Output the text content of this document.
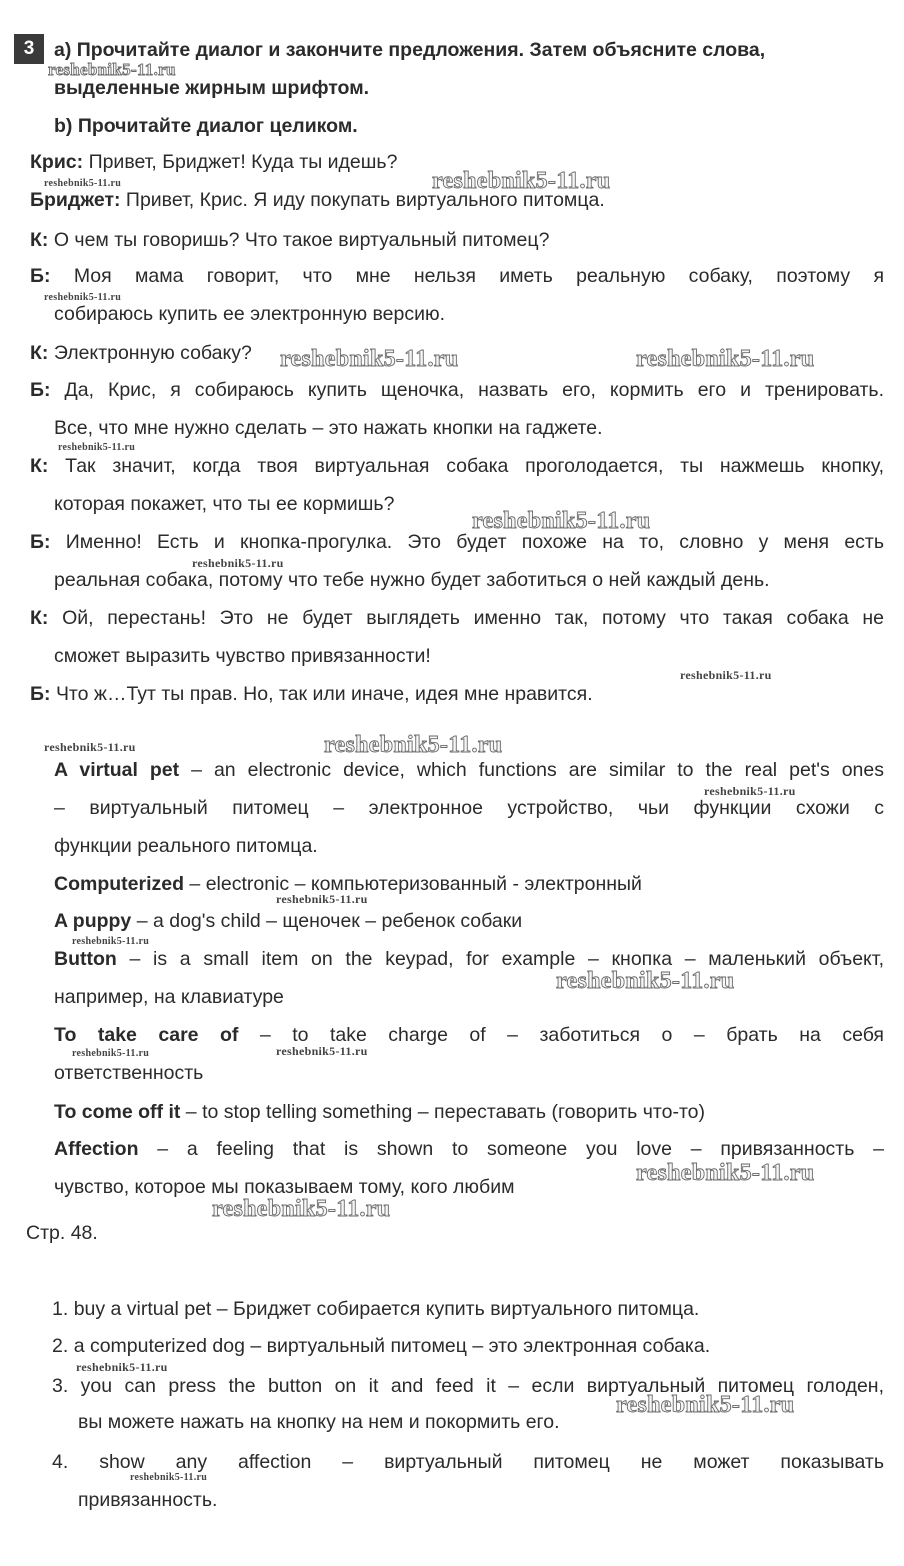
3	a) Прочитайте диалог и закончите предложения. Затем объясните слова,
выделенные жирным шрифтом.
b) Прочитайте диалог целиком.
Крис: Привет, Бриджет! Куда ты идешь?
Бриджет: Привет, Крис. Я иду покупать виртуального питомца.
К: О чем ты говоришь? Что такое виртуальный питомец?
Б: Моя мама говорит, что мне нельзя иметь реальную собаку, поэтому я
собираюсь купить ее электронную версию.
К: Электронную собаку?
Б: Да, Крис, я собираюсь купить щеночка, назвать его, кормить его и тренировать.
Все, что мне нужно сделать – это нажать кнопки на гаджете.
К: Так значит, когда твоя виртуальная собака проголодается, ты нажмешь кнопку,
которая покажет, что ты ее кормишь?
Б: Именно! Есть и кнопка-прогулка. Это будет похоже на то, словно у меня есть
реальная собака, потому что тебе нужно будет заботиться о ней каждый день.
К: Ой, перестань! Это не будет выглядеть именно так, потому что такая собака не
сможет выразить чувство привязанности!
Б: Что ж…Тут ты прав. Но, так или иначе, идея мне нравится.
A virtual pet – an electronic device, which functions are similar to the real pet's ones
– виртуальный питомец – электронное устройство, чьи функции схожи с
функции реального питомца.
Computerized – electronic – компьютеризованный - электронный
A puppy – a dog's child – щеночек – ребенок собаки
Button – is a small item on the keypad, for example – кнопка – маленький объект,
например, на клавиатуре
To take care of – to take charge of – заботиться о – брать на себя
ответственность
To come off it – to stop telling something – переставать (говорить что-то)
Affection – a feeling that is shown to someone you love – привязанность –
чувство, которое мы показываем тому, кого любим
Стр. 48.
1. buy a virtual pet – Бриджет собирается купить виртуального питомца.
2. a computerized dog – виртуальный питомец – это электронная собака.
3. you can press the button on it and feed it – если виртуальный питомец голоден,
вы можете нажать на кнопку на нем и покормить его.
4. show any affection – виртуальный питомец не может показывать
привязанность.
reshebnik5-11.ru
reshebnik5-11.ru	reshebnik5-11.ru
reshebnik5-11.ru
reshebnik5-11.ru	reshebnik5-11.ru
reshebnik5-11.ru
reshebnik5-11.ru
reshebnik5-11.ru
reshebnik5-11.ru
reshebnik5-11.ru	reshebnik5-11.ru
reshebnik5-11.ru
reshebnik5-11.ru
reshebnik5-11.ru
reshebnik5-11.ru
reshebnik5-11.ru	reshebnik5-11.ru
reshebnik5-11.ru
reshebnik5-11.ru
reshebnik5-11.ru
reshebnik5-11.ru
reshebnik5-11.ru
